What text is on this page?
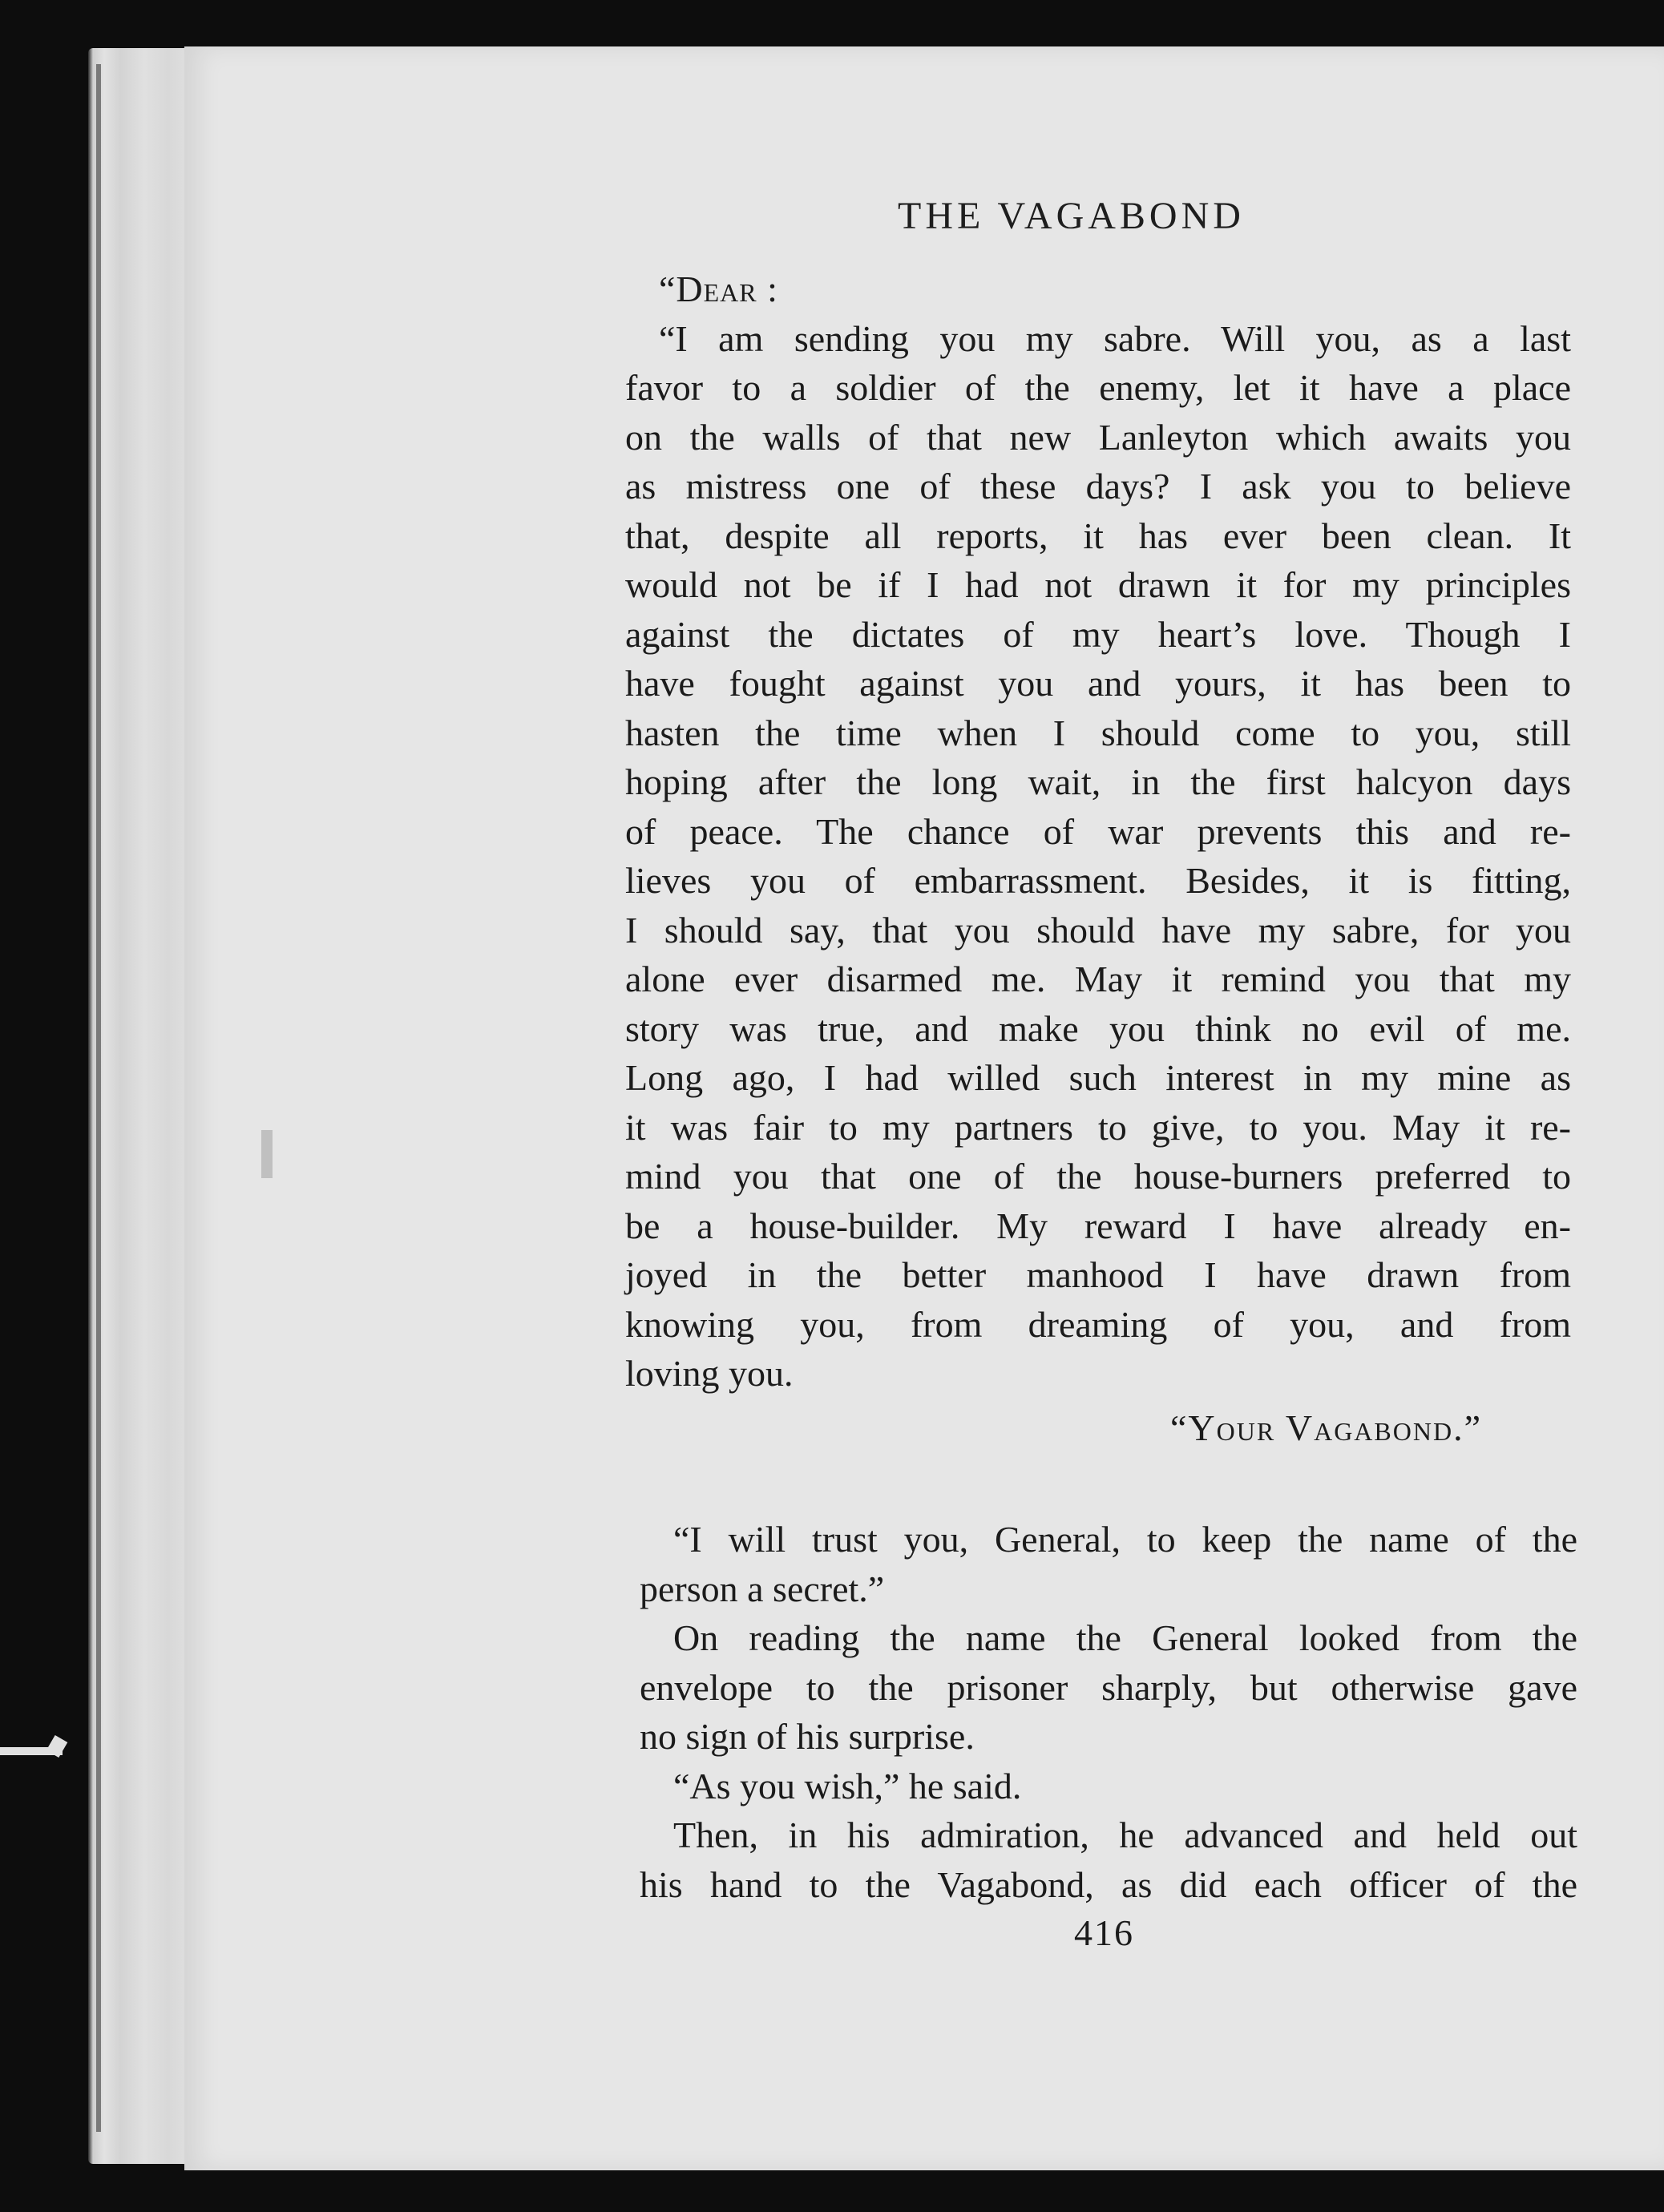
THE VAGABOND
“Dear :
“I am sending you my sabre. Will you, as a last
favor to a soldier of the enemy, let it have a place
on the walls of that new Lanleyton which awaits you
as mistress one of these days? I ask you to believe
that, despite all reports, it has ever been clean. It
would not be if I had not drawn it for my principles
against the dictates of my heart’s love. Though I
have fought against you and yours, it has been to
hasten the time when I should come to you, still
hoping after the long wait, in the first halcyon days
of peace. The chance of war prevents this and re-
lieves you of embarrassment. Besides, it is fitting,
I should say, that you should have my sabre, for you
alone ever disarmed me. May it remind you that my
story was true, and make you think no evil of me.
Long ago, I had willed such interest in my mine as
it was fair to my partners to give, to you. May it re-
mind you that one of the house-burners preferred to
be a house-builder. My reward I have already en-
joyed in the better manhood I have drawn from
knowing you, from dreaming of you, and from
loving you.
“Your Vagabond.”
“I will trust you, General, to keep the name of the
person a secret.”
On reading the name the General looked from the
envelope to the prisoner sharply, but otherwise gave
no sign of his surprise.
“As you wish,” he said.
Then, in his admiration, he advanced and held out
his hand to the Vagabond, as did each officer of the
416
